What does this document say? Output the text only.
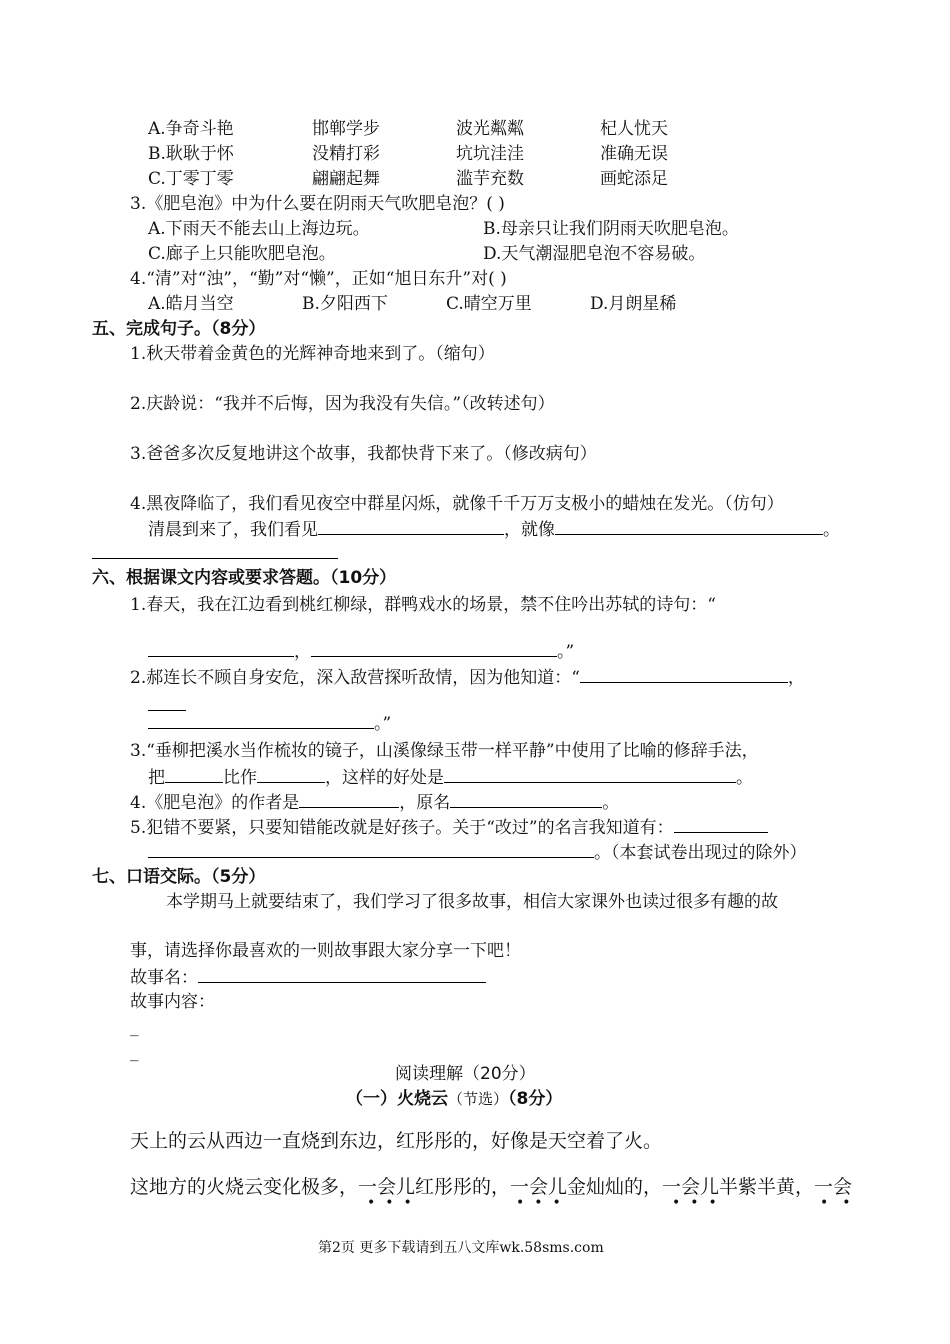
A.争奇斗艳	邯郸学步	波光粼粼	杞人忧天
B.耿耿于怀	没精打彩	坑坑洼洼	准确无误
C.丁零丁零	翩翩起舞	滥芋充数	画蛇添足
3.《肥皂泡》中为什么要在阴雨天气吹肥皂泡？( )
A.下雨天不能去山上海边玩。	B.母亲只让我们阴雨天吹肥皂泡。
C.廊子上只能吹肥皂泡。	D.天气潮湿肥皂泡不容易破。
4.“清”对“浊”，“勤”对“懒”，正如“旭日东升”对( )
A.皓月当空	B.夕阳西下	C.晴空万里	D.月朗星稀
五、完成句子。（8分）
1.秋天带着金黄色的光辉神奇地来到了。（缩句）
2.庆龄说：“我并不后悔，因为我没有失信。”（改转述句）
3.爸爸多次反复地讲这个故事，我都快背下来了。（修改病句）
4.黑夜降临了，我们看见夜空中群星闪烁，就像千千万万支极小的蜡烛在发光。（仿句）
清晨到来了，我们看见	，就像	。
六、根据课文内容或要求答题。（10分）
1.春天，我在江边看到桃红柳绿，群鸭戏水的场景，禁不住吟出苏轼的诗句：“
，	。”
2.郝连长不顾自身安危，深入敌营探听敌情，因为他知道：“	，
。”
3.“垂柳把溪水当作梳妆的镜子，山溪像绿玉带一样平静”中使用了比喻的修辞手法，
把	比作	，这样的好处是	。
4.《肥皂泡》的作者是	，原名	。
5.犯错不要紧，只要知错能改就是好孩子。关于“改过”的名言我知道有：
。（本套试卷出现过的除外）
七、口语交际。（5分）
本学期马上就要结束了，我们学习了很多故事，相信大家课外也读过很多有趣的故
事，请选择你最喜欢的一则故事跟大家分享一下吧！
故事名：
故事内容：
_
_
阅读理解（20分）
（一）火烧云（节选）（8分）
天上的云从西边一直烧到东边，红彤彤的，好像是天空着了火。
这地方的火烧云变化极多，一会儿红彤彤的，一会儿金灿灿的，一会儿半紫半黄，一会
•••	•••	•••	••
第2页 更多下载请到五八文库wk.58sms.com
